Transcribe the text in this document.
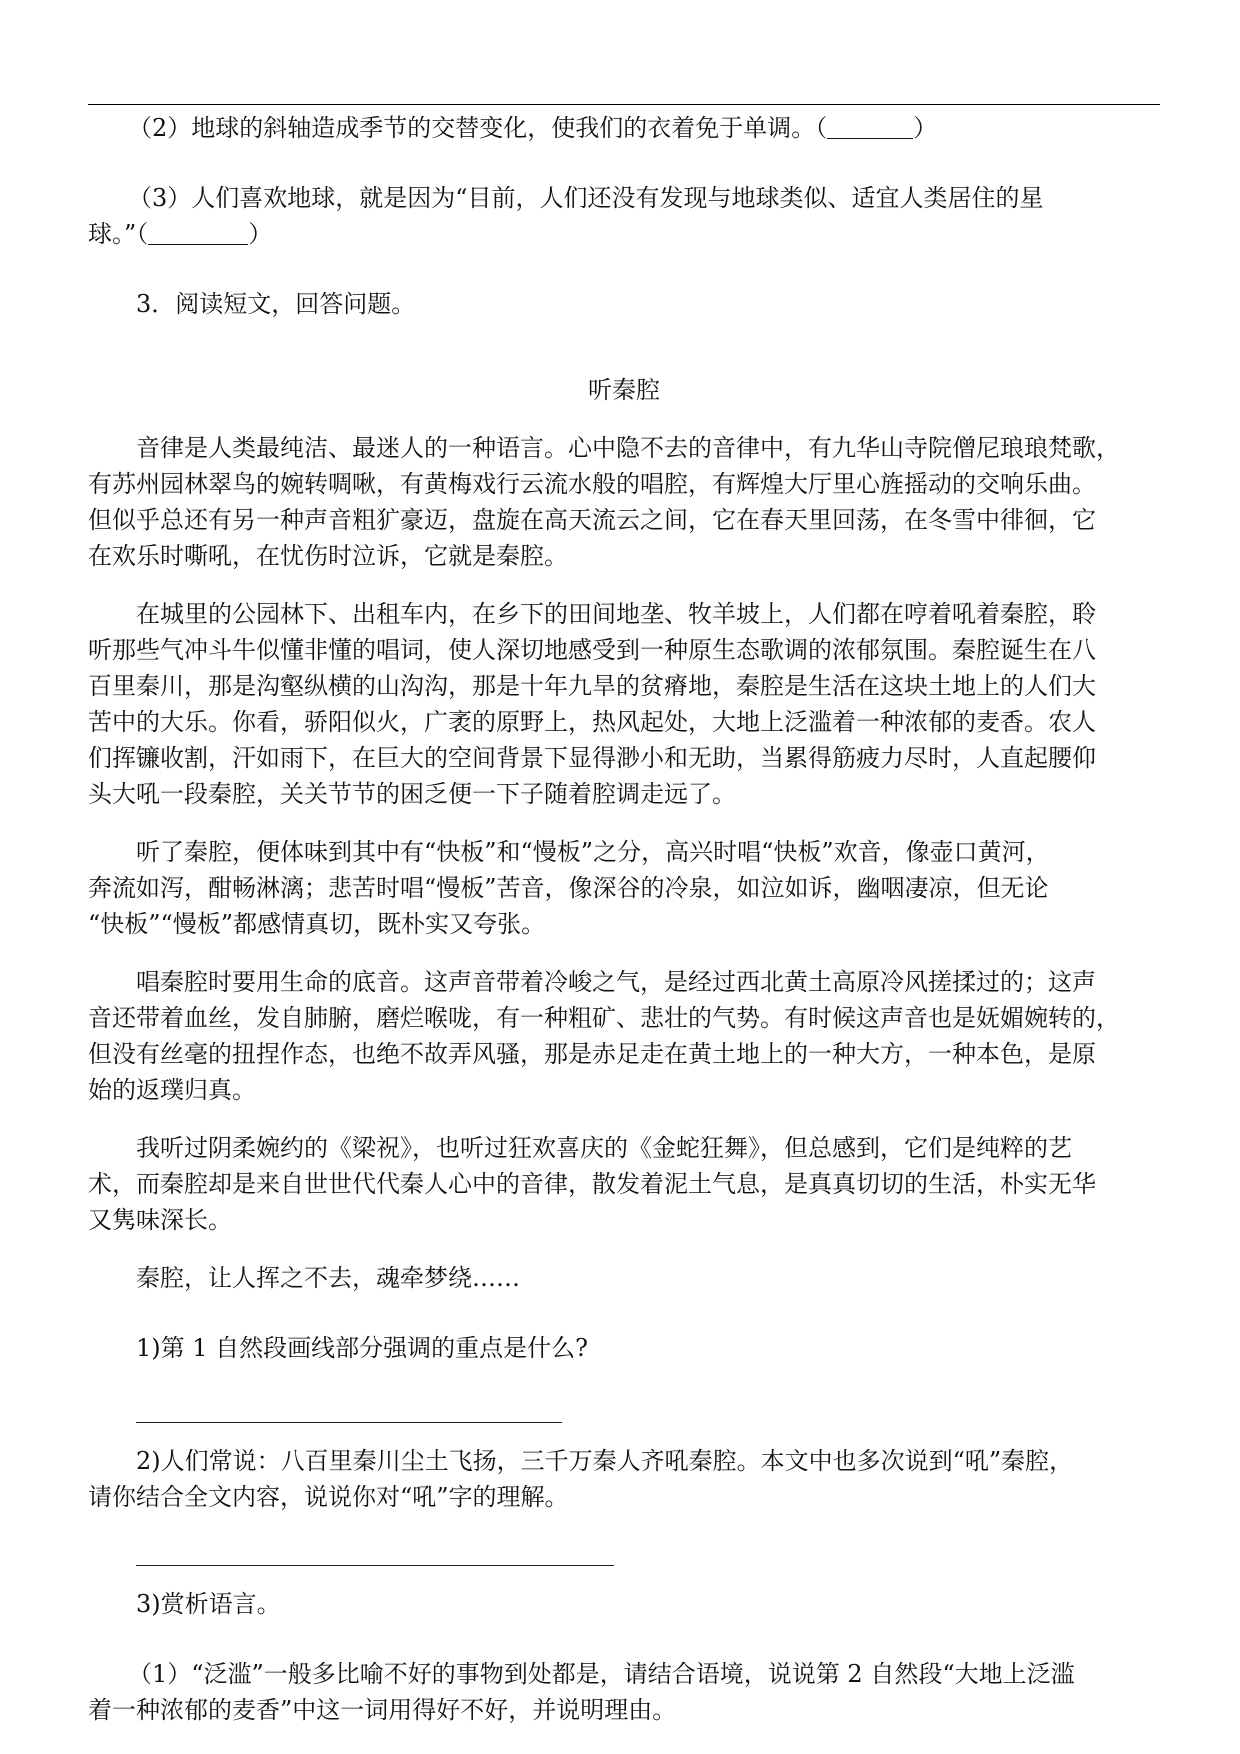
（2）地球的斜轴造成季节的交替变化，使我们的衣着免于单调。（	）
（3）人们喜欢地球，就是因为“目前，人们还没有发现与地球类似、适宜人类居住的星
球。”（	）
3．阅读短文，回答问题。
听秦腔
音律是人类最纯洁、最迷人的一种语言。心中隐不去的音律中，有九华山寺院僧尼琅琅梵歌，
有苏州园林翠鸟的婉转啁啾，有黄梅戏行云流水般的唱腔，有辉煌大厅里心旌摇动的交响乐曲。
但似乎总还有另一种声音粗犷豪迈，盘旋在高天流云之间，它在春天里回荡，在冬雪中徘徊，它
在欢乐时嘶吼，在忧伤时泣诉，它就是秦腔。
在城里的公园林下、出租车内，在乡下的田间地垄、牧羊坡上，人们都在哼着吼着秦腔，聆
听那些气冲斗牛似懂非懂的唱词，使人深切地感受到一种原生态歌调的浓郁氛围。秦腔诞生在八
百里秦川，那是沟壑纵横的山沟沟，那是十年九旱的贫瘠地，秦腔是生活在这块土地上的人们大
苦中的大乐。你看，骄阳似火，广袤的原野上，热风起处，大地上泛滥着一种浓郁的麦香。农人
们挥镰收割，汗如雨下，在巨大的空间背景下显得渺小和无助，当累得筋疲力尽时，人直起腰仰
头大吼一段秦腔，关关节节的困乏便一下子随着腔调走远了。
听了秦腔，便体味到其中有“快板”和“慢板”之分，高兴时唱“快板”欢音，像壶口黄河，
奔流如泻，酣畅淋漓；悲苦时唱“慢板”苦音，像深谷的冷泉，如泣如诉，幽咽凄凉，但无论
“快板”“慢板”都感情真切，既朴实又夸张。
唱秦腔时要用生命的底音。这声音带着冷峻之气，是经过西北黄土高原冷风搓揉过的；这声
音还带着血丝，发自肺腑，磨烂喉咙，有一种粗矿、悲壮的气势。有时候这声音也是妩媚婉转的，
但没有丝毫的扭捏作态，也绝不故弄风骚，那是赤足走在黄土地上的一种大方，一种本色，是原
始的返璞归真。
我听过阴柔婉约的《梁祝》，也听过狂欢喜庆的《金蛇狂舞》，但总感到，它们是纯粹的艺
术，而秦腔却是来自世世代代秦人心中的音律，散发着泥土气息，是真真切切的生活，朴实无华
又隽味深长。
秦腔，让人挥之不去，魂牵梦绕……
1)第 1 自然段画线部分强调的重点是什么?
2)人们常说：八百里秦川尘土飞扬，三千万秦人齐吼秦腔。本文中也多次说到“吼”秦腔，
请你结合全文内容，说说你对“吼”字的理解。
3)赏析语言。
（1）“泛滥”一般多比喻不好的事物到处都是，请结合语境，说说第 2 自然段“大地上泛滥
着一种浓郁的麦香”中这一词用得好不好，并说明理由。
